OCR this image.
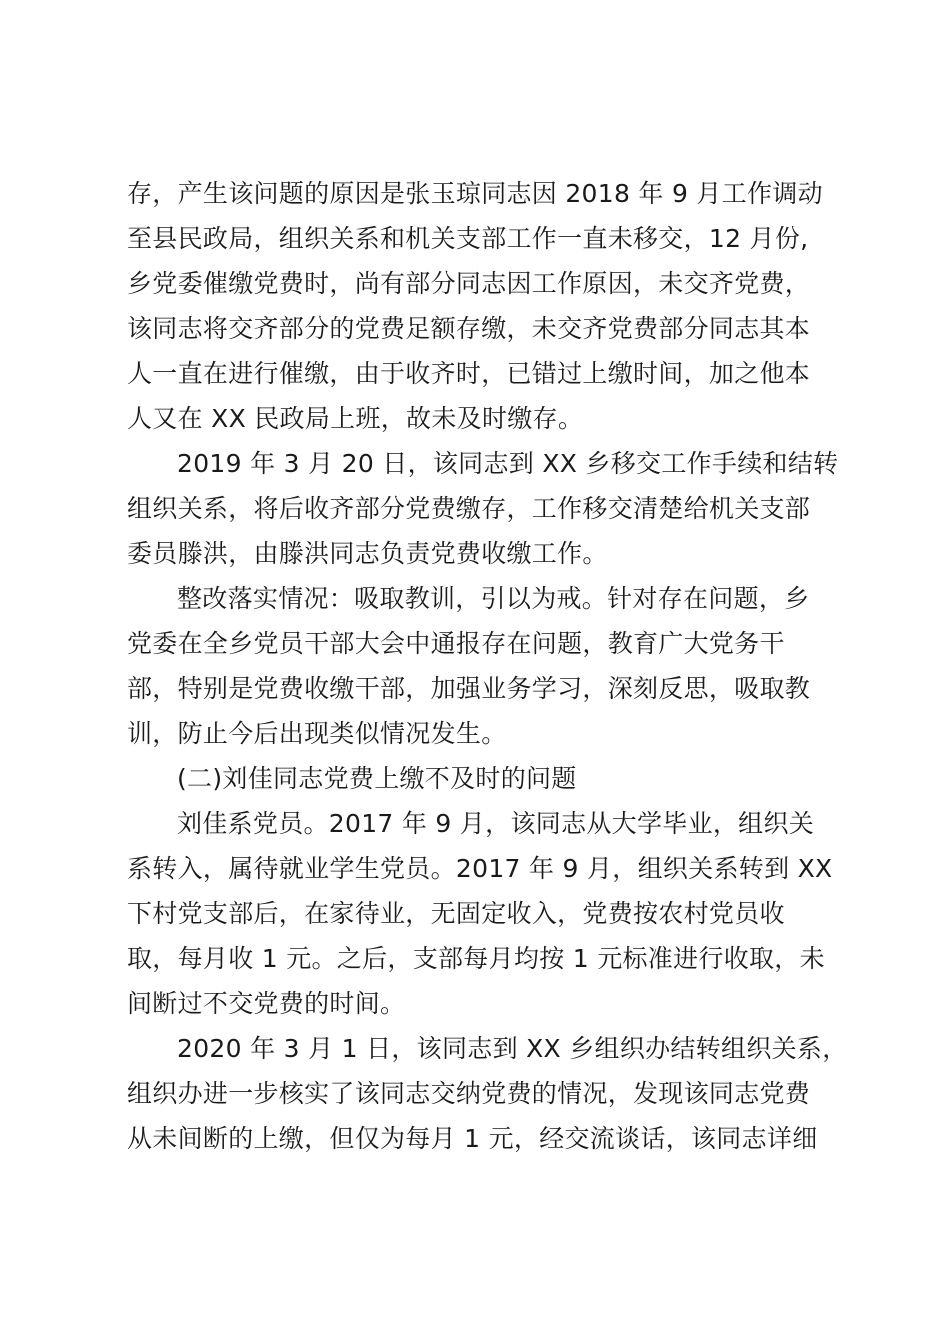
存，产生该问题的原因是张玉琼同志因 2018 年 9 月工作调动
至县民政局，组织关系和机关支部工作一直未移交，12 月份,
乡党委催缴党费时，尚有部分同志因工作原因，未交齐党费，
该同志将交齐部分的党费足额存缴，未交齐党费部分同志其本
人一直在进行催缴，由于收齐时，已错过上缴时间，加之他本
人又在 XX 民政局上班，故未及时缴存。
2019 年 3 月 20 日，该同志到 XX 乡移交工作手续和结转
组织关系，将后收齐部分党费缴存，工作移交清楚给机关支部
委员滕洪，由滕洪同志负责党费收缴工作。
整改落实情况：吸取教训，引以为戒。针对存在问题，乡
党委在全乡党员干部大会中通报存在问题，教育广大党务干
部，特别是党费收缴干部，加强业务学习，深刻反思，吸取教
训，防止今后出现类似情况发生。
(二)刘佳同志党费上缴不及时的问题
刘佳系党员。2017 年 9 月，该同志从大学毕业，组织关
系转入，属待就业学生党员。2017 年 9 月，组织关系转到 XX
下村党支部后，在家待业，无固定收入，党费按农村党员收
取，每月收 1 元。之后，支部每月均按 1 元标准进行收取，未
间断过不交党费的时间。
2020 年 3 月 1 日，该同志到 XX 乡组织办结转组织关系，
组织办进一步核实了该同志交纳党费的情况，发现该同志党费
从未间断的上缴，但仅为每月 1 元，经交流谈话，该同志详细
